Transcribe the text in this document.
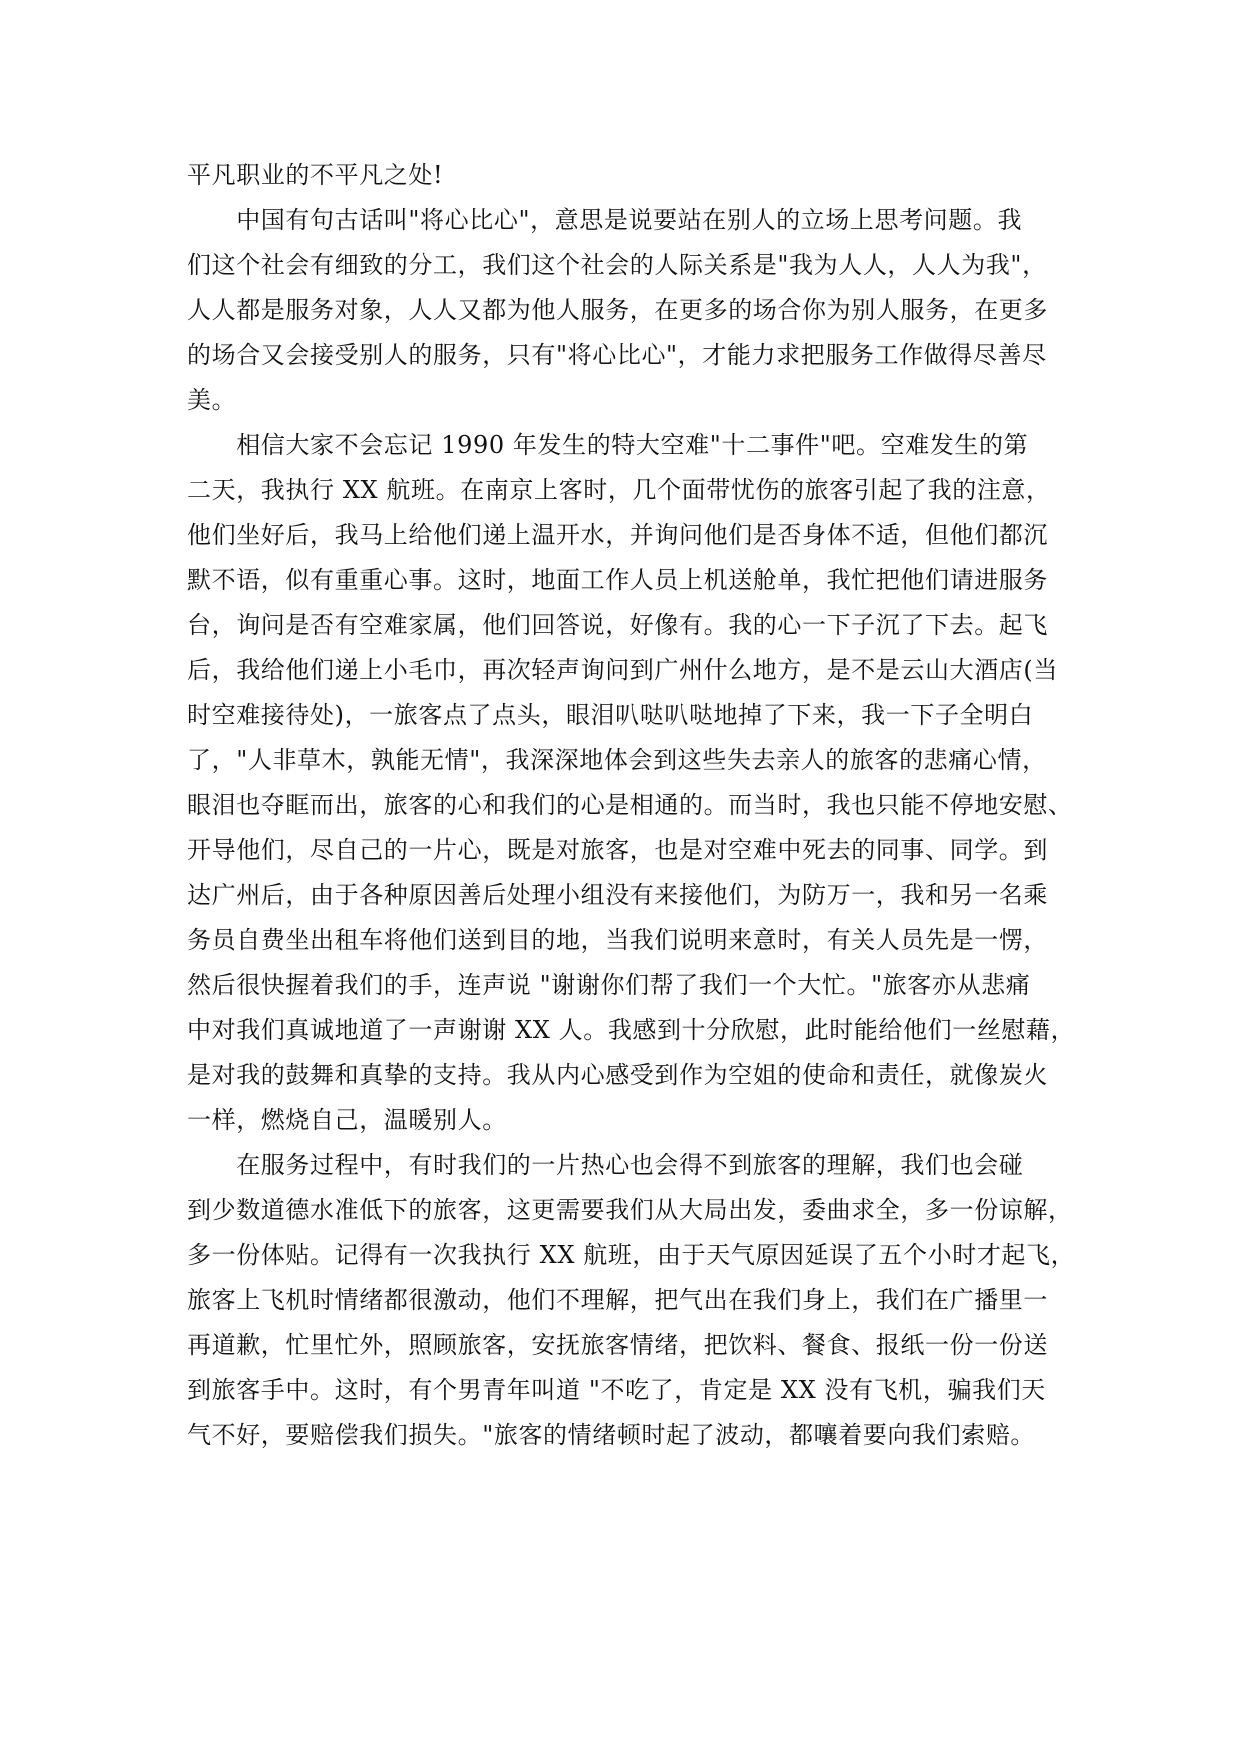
平凡职业的不平凡之处!
　　中国有句古话叫"将心比心"，意思是说要站在别人的立场上思考问题。我
们这个社会有细致的分工，我们这个社会的人际关系是"我为人人，人人为我"，
人人都是服务对象，人人又都为他人服务，在更多的场合你为别人服务，在更多
的场合又会接受别人的服务，只有"将心比心"，才能力求把服务工作做得尽善尽
美。
　　相信大家不会忘记 1990 年发生的特大空难"十二事件"吧。空难发生的第
二天，我执行 XX 航班。在南京上客时，几个面带忧伤的旅客引起了我的注意，
他们坐好后，我马上给他们递上温开水，并询问他们是否身体不适，但他们都沉
默不语，似有重重心事。这时，地面工作人员上机送舱单，我忙把他们请进服务
台，询问是否有空难家属，他们回答说，好像有。我的心一下子沉了下去。起飞
后，我给他们递上小毛巾，再次轻声询问到广州什么地方，是不是云山大酒店(当
时空难接待处)，一旅客点了点头，眼泪叭哒叭哒地掉了下来，我一下子全明白
了，"人非草木，孰能无情"，我深深地体会到这些失去亲人的旅客的悲痛心情，
眼泪也夺眶而出，旅客的心和我们的心是相通的。而当时，我也只能不停地安慰、
开导他们，尽自己的一片心，既是对旅客，也是对空难中死去的同事、同学。到
达广州后，由于各种原因善后处理小组没有来接他们，为防万一，我和另一名乘
务员自费坐出租车将他们送到目的地，当我们说明来意时，有关人员先是一愣，
然后很快握着我们的手，连声说 "谢谢你们帮了我们一个大忙。"旅客亦从悲痛
中对我们真诚地道了一声谢谢 XX 人。我感到十分欣慰，此时能给他们一丝慰藉，
是对我的鼓舞和真挚的支持。我从内心感受到作为空姐的使命和责任，就像炭火
一样，燃烧自己，温暖别人。
　　在服务过程中，有时我们的一片热心也会得不到旅客的理解，我们也会碰
到少数道德水准低下的旅客，这更需要我们从大局出发，委曲求全，多一份谅解，
多一份体贴。记得有一次我执行 XX 航班，由于天气原因延误了五个小时才起飞，
旅客上飞机时情绪都很激动，他们不理解，把气出在我们身上，我们在广播里一
再道歉，忙里忙外，照顾旅客，安抚旅客情绪，把饮料、餐食、报纸一份一份送
到旅客手中。这时，有个男青年叫道 "不吃了，肯定是 XX 没有飞机，骗我们天
气不好，要赔偿我们损失。"旅客的情绪顿时起了波动，都嚷着要向我们索赔。
